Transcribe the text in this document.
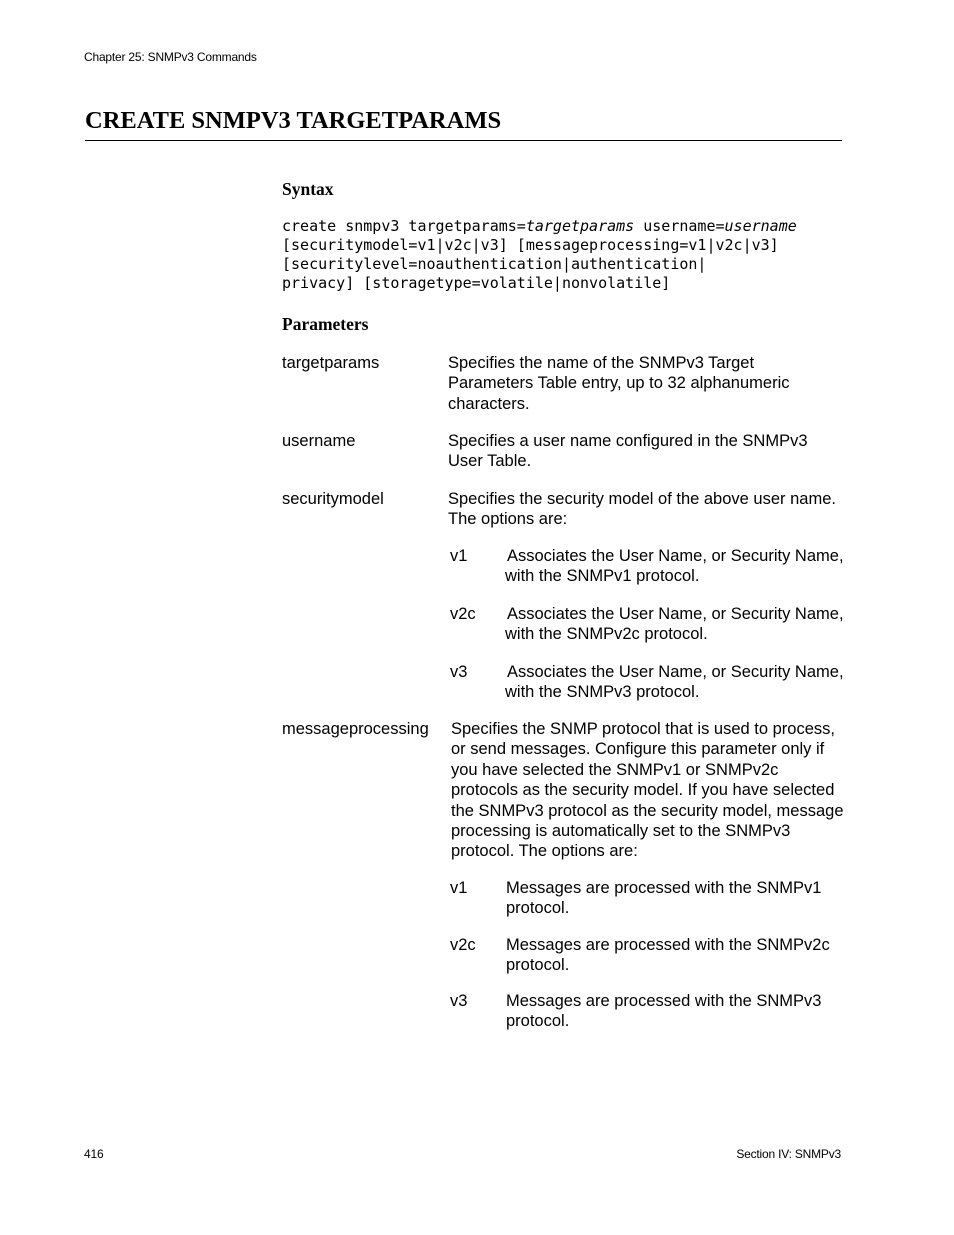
Chapter 25: SNMPv3 Commands
CREATE SNMPV3 TARGETPARAMS
Syntax
create snmpv3 targetparams=targetparams username=username
[securitymodel=v1|v2c|v3] [messageprocessing=v1|v2c|v3]
[securitylevel=noauthentication|authentication|
privacy] [storagetype=volatile|nonvolatile]
Parameters
targetparams	Specifies the name of the SNMPv3 Target Parameters Table entry, up to 32 alphanumeric characters.
username	Specifies a user name configured in the SNMPv3 User Table.
securitymodel	Specifies the security model of the above user name. The options are:
v1 Associates the User Name, or Security Name, with the SNMPv1 protocol.
v2c Associates the User Name, or Security Name, with the SNMPv2c protocol.
v3 Associates the User Name, or Security Name, with the SNMPv3 protocol.
messageprocessing Specifies the SNMP protocol that is used to process, or send messages. Configure this parameter only if you have selected the SNMPv1 or SNMPv2c protocols as the security model. If you have selected the SNMPv3 protocol as the security model, message processing is automatically set to the SNMPv3 protocol. The options are:
v1 Messages are processed with the SNMPv1 protocol.
v2c Messages are processed with the SNMPv2c protocol.
v3 Messages are processed with the SNMPv3 protocol.
416	Section IV: SNMPv3
